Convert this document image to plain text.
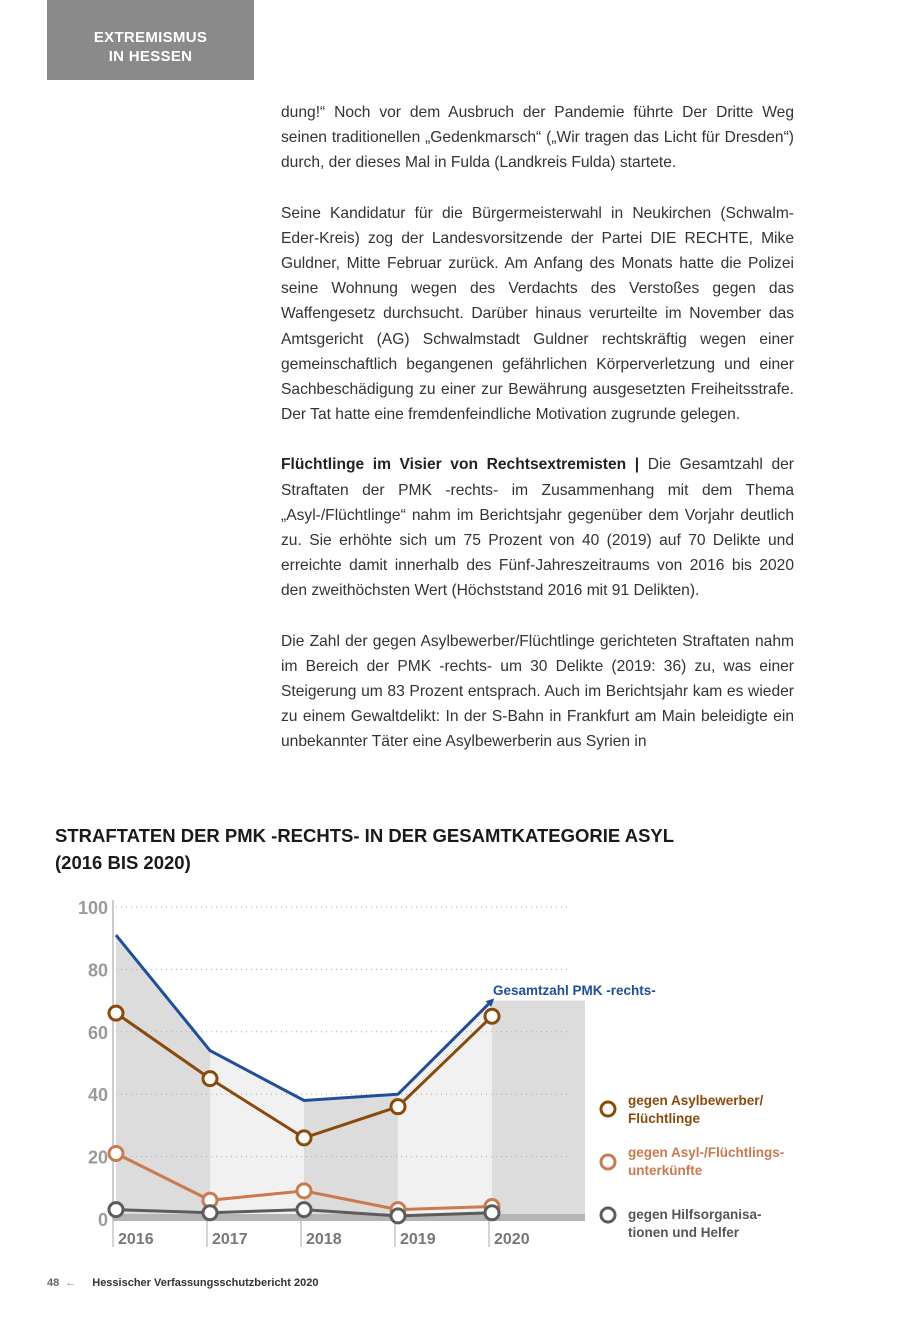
EXTREMISMUS
IN HESSEN

dung!“ Noch vor dem Ausbruch der Pandemie führte Der Dritte Weg seinen traditionellen „Gedenkmarsch“ („Wir tragen das Licht für Dresden“) durch, der dieses Mal in Fulda (Landkreis Fulda) startete.

Seine Kandidatur für die Bürgermeisterwahl in Neukirchen (Schwalm-Eder-Kreis) zog der Landesvorsitzende der Partei DIE RECHTE, Mike Guldner, Mitte Februar zurück. Am Anfang des Monats hatte die Polizei seine Wohnung wegen des Verdachts des Verstoßes gegen das Waffengesetz durchsucht. Darüber hinaus verurteilte im November das Amtsgericht (AG) Schwalmstadt Guldner rechtskräftig wegen einer gemeinschaftlich begangenen gefährlichen Körperverletzung und einer Sachbeschädigung zu einer zur Bewährung ausgesetzten Freiheitsstrafe. Der Tat hatte eine fremdenfeindliche Motivation zugrunde gelegen.

Flüchtlinge im Visier von Rechtsextremisten | Die Gesamtzahl der Straftaten der PMK -rechts- im Zusammenhang mit dem Thema „Asyl-/Flüchtlinge“ nahm im Berichtsjahr gegenüber dem Vorjahr deutlich zu. Sie erhöhte sich um 75 Prozent von 40 (2019) auf 70 Delikte und erreichte damit innerhalb des Fünf-Jahreszeitraums von 2016 bis 2020 den zweithöchsten Wert (Höchststand 2016 mit 91 Delikten).

Die Zahl der gegen Asylbewerber/Flüchtlinge gerichteten Straftaten nahm im Bereich der PMK -rechts- um 30 Delikte (2019: 36) zu, was einer Steigerung um 83 Prozent entsprach. Auch im Berichtsjahr kam es wieder zu einem Gewaltdelikt: In der S-Bahn in Frankfurt am Main beleidigte ein unbekannter Täter eine Asylbewerberin aus Syrien in

STRAFTATEN DER PMK -RECHTS- IN DER GESAMTKATEGORIE ASYL
(2016 BIS 2020)
0
20
40
60
80
100
2016	2017	2018	2019	2020
Gesamtzahl PMK -rechts-
gegen Asylbewerber/
Flüchtlinge
gegen Asyl-/Flüchtlings-
unterkünfte
gegen Hilfsorganisa-
tionen und Helfer
48 ← Hessischer Verfassungsschutzbericht 2020
